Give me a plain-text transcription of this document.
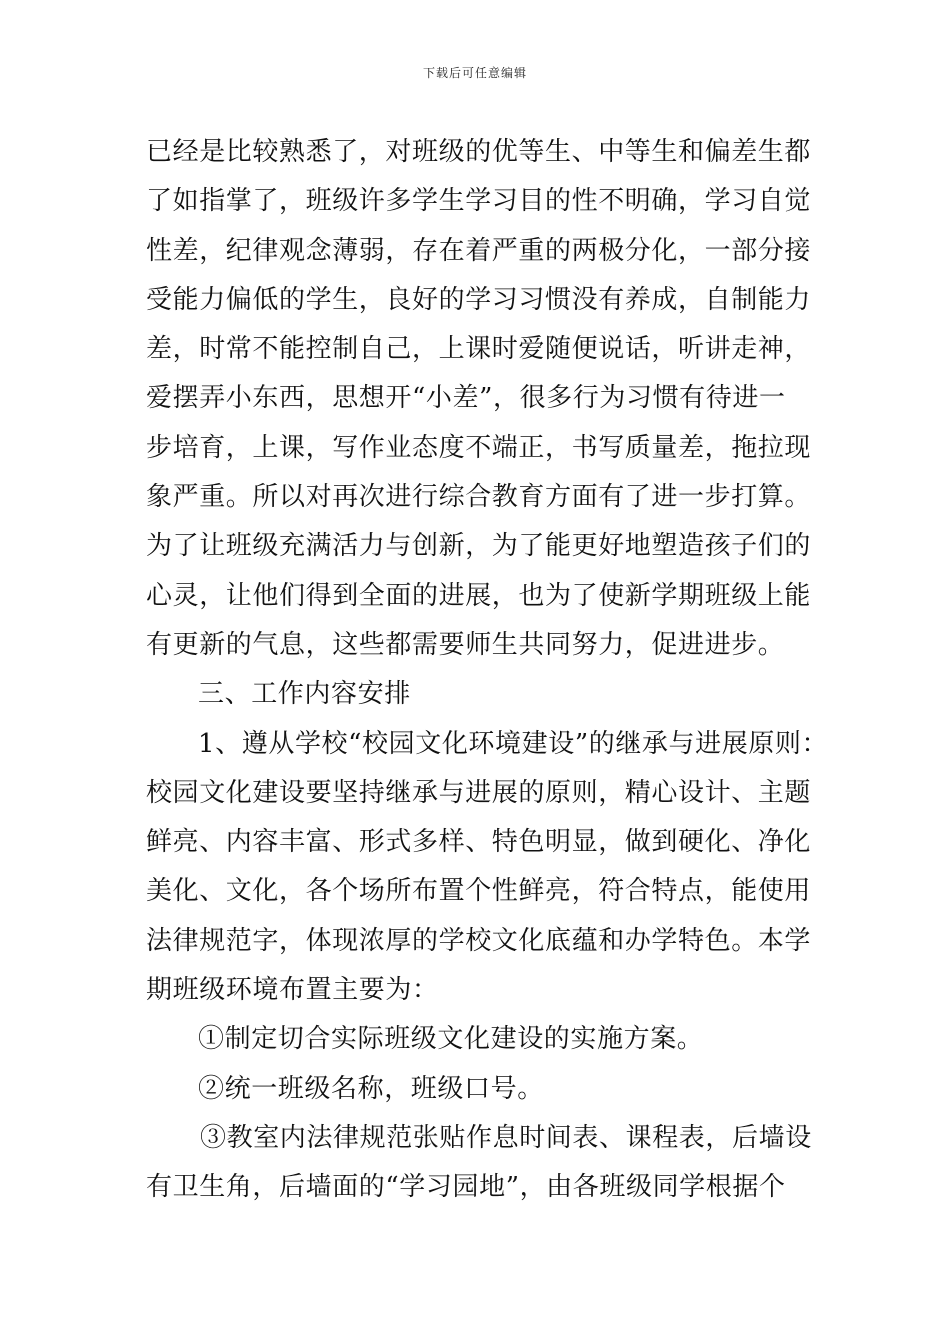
下载后可任意编辑
已经是比较熟悉了，对班级的优等生、中等生和偏差生都
了如指掌了，班级许多学生学习目的性不明确，学习自觉
性差，纪律观念薄弱，存在着严重的两极分化，一部分接
受能力偏低的学生，良好的学习习惯没有养成，自制能力
差，时常不能控制自己，上课时爱随便说话，听讲走神，
爱摆弄小东西，思想开“小差”，很多行为习惯有待进一
步培育，上课，写作业态度不端正，书写质量差，拖拉现
象严重。所以对再次进行综合教育方面有了进一步打算。
为了让班级充满活力与创新，为了能更好地塑造孩子们的
心灵，让他们得到全面的进展，也为了使新学期班级上能
有更新的气息，这些都需要师生共同努力，促进进步。
三、工作内容安排
1、遵从学校“校园文化环境建设”的继承与进展原则：
校园文化建设要坚持继承与进展的原则，精心设计、主题
鲜亮、内容丰富、形式多样、特色明显，做到硬化、净化
美化、文化，各个场所布置个性鲜亮，符合特点，能使用
法律规范字，体现浓厚的学校文化底蕴和办学特色。本学
期班级环境布置主要为：
①制定切合实际班级文化建设的实施方案。
②统一班级名称，班级口号。
③教室内法律规范张贴作息时间表、课程表，后墙设
有卫生角，后墙面的“学习园地”，由各班级同学根据个
